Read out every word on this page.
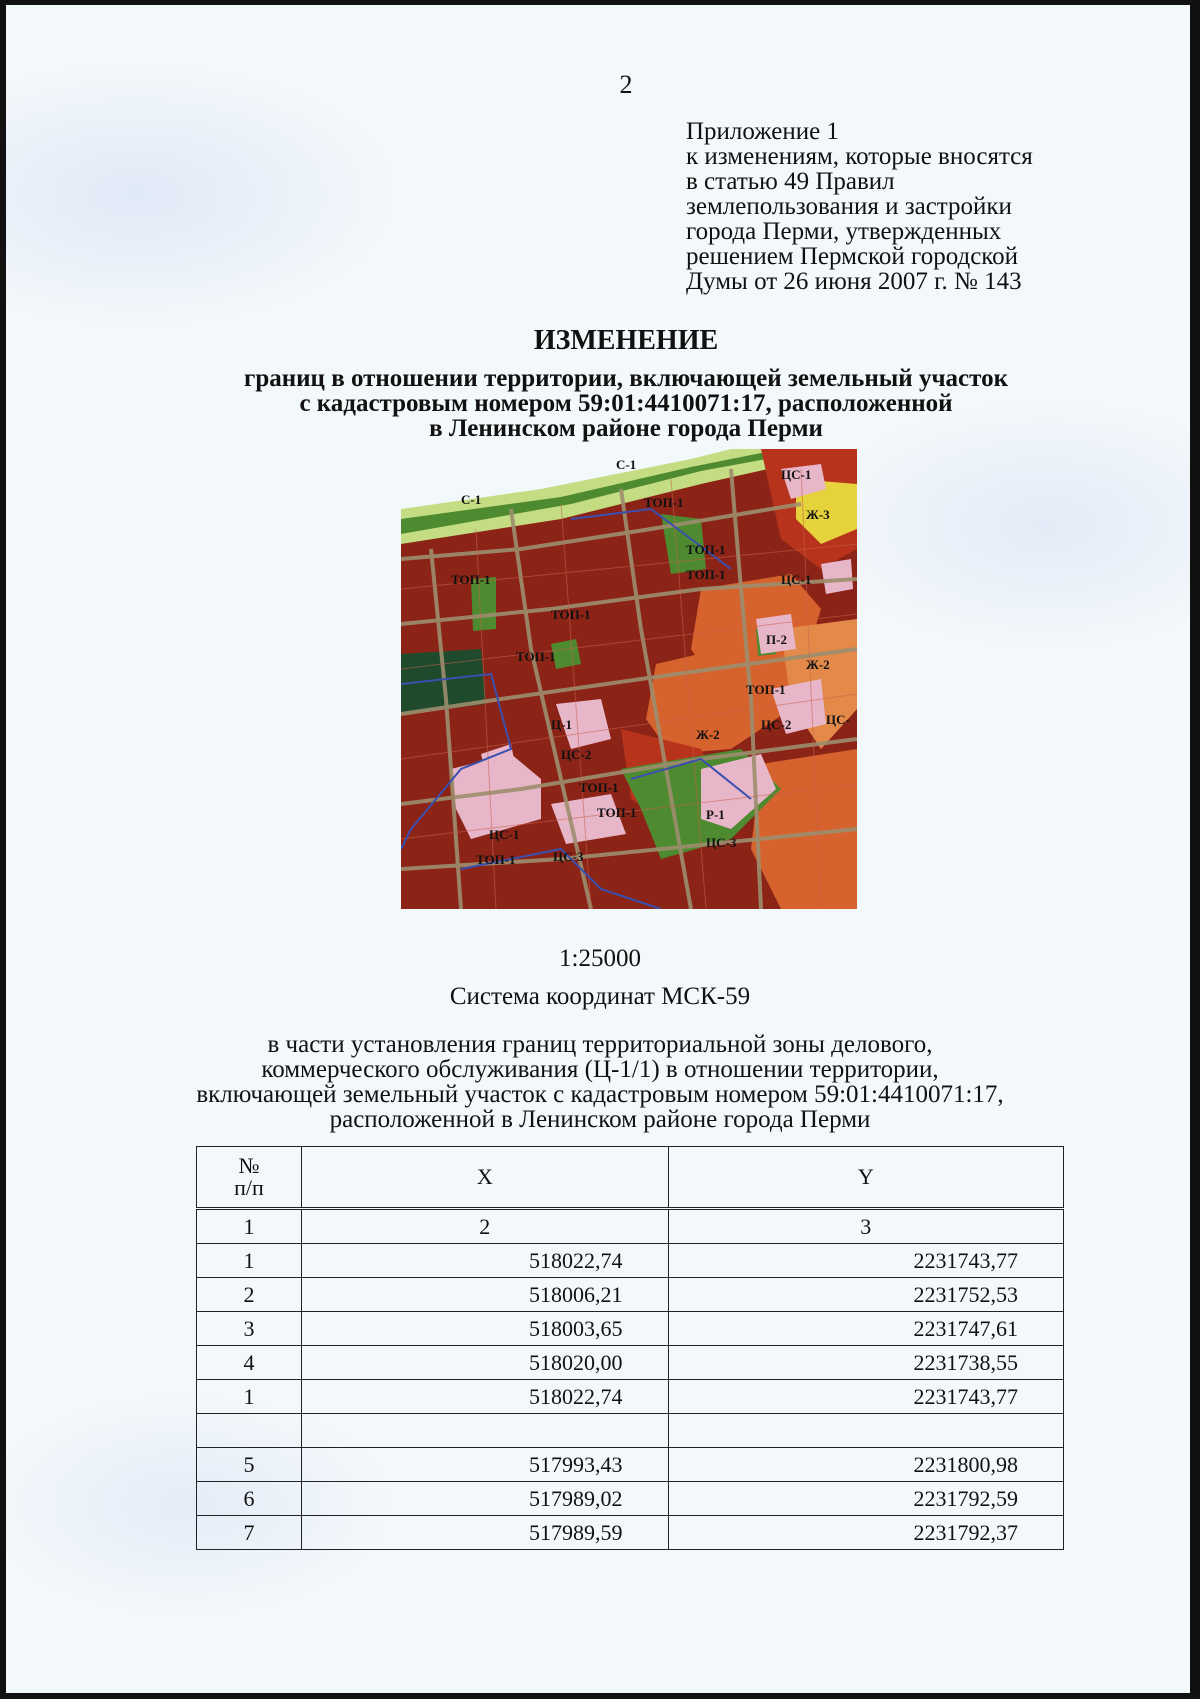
2
Приложение 1
к изменениям, которые вносятся
в статью 49 Правил
землепользования и застройки
города Перми, утвержденных
решением Пермской городской
Думы от 26 июня 2007 г. № 143
ИЗМЕНЕНИЕ
границ в отношении территории, включающей земельный участок
с кадастровым номером 59:01:4410071:17, расположенной
в Ленинском районе города Перми
С-1
С-1
ЦС-1
Ж-3
ТОП-1
ТОП-1
ТОП-1
ТОП-1
ТОП-1
ТОП-1
ЦС-1
П-2
Ж-2
ТОП-1
ЦС-2
Ц-1
ЦС-2
Ж-2
ЦС-
ТОП-1
ТОП-1
ЦС-1
ЦС-3
Р-1
ЦС-3
ТОП-1
1:25000
Система координат МСК-59
в части установления границ территориальной зоны делового,
коммерческого обслуживания (Ц-1/1) в отношении территории,
включающей земельный участок с кадастровым номером 59:01:4410071:17,
расположенной в Ленинском районе города Перми
№
п/п	X	Y
1	2	3
1	518022,74	2231743,77
2	518006,21	2231752,53
3	518003,65	2231747,61
4	518020,00	2231738,55
1	518022,74	2231743,77

5	517993,43	2231800,98
6	517989,02	2231792,59
7	517989,59	2231792,37
